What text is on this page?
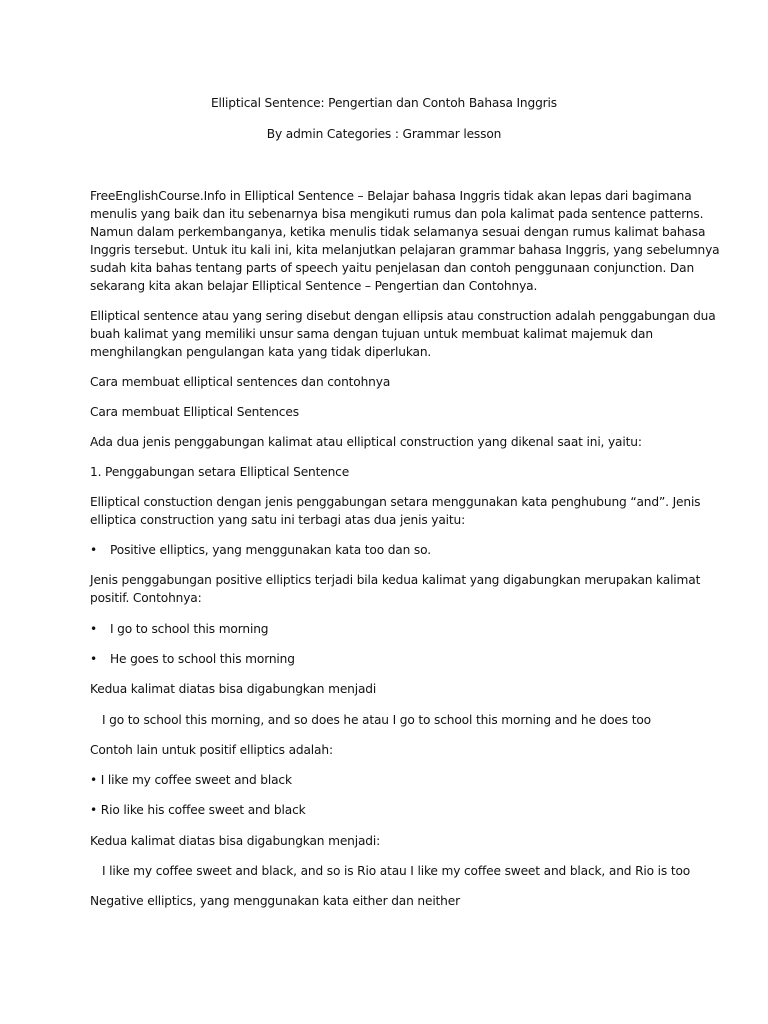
Elliptical Sentence: Pengertian dan Contoh Bahasa Inggris
By admin Categories : Grammar lesson
FreeEnglishCourse.Info in Elliptical Sentence – Belajar bahasa Inggris tidak akan lepas dari bagimana
menulis yang baik dan itu sebenarnya bisa mengikuti rumus dan pola kalimat pada sentence patterns.
Namun dalam perkembanganya, ketika menulis tidak selamanya sesuai dengan rumus kalimat bahasa
Inggris tersebut. Untuk itu kali ini, kita melanjutkan pelajaran grammar bahasa Inggris, yang sebelumnya
sudah kita bahas tentang parts of speech yaitu penjelasan dan contoh penggunaan conjunction. Dan
sekarang kita akan belajar Elliptical Sentence – Pengertian dan Contohnya.
Elliptical sentence atau yang sering disebut dengan ellipsis atau construction adalah penggabungan dua
buah kalimat yang memiliki unsur sama dengan tujuan untuk membuat kalimat majemuk dan
menghilangkan pengulangan kata yang tidak diperlukan.
Cara membuat elliptical sentences dan contohnya
Cara membuat Elliptical Sentences
Ada dua jenis penggabungan kalimat atau elliptical construction yang dikenal saat ini, yaitu:
1. Penggabungan setara Elliptical Sentence
Elliptical constuction dengan jenis penggabungan setara menggunakan kata penghubung “and”. Jenis
elliptica construction yang satu ini terbagi atas dua jenis yaitu:
• Positive elliptics, yang menggunakan kata too dan so.
Jenis penggabungan positive elliptics terjadi bila kedua kalimat yang digabungkan merupakan kalimat
positif. Contohnya:
• I go to school this morning
• He goes to school this morning
Kedua kalimat diatas bisa digabungkan menjadi
I go to school this morning, and so does he atau I go to school this morning and he does too
Contoh lain untuk positif elliptics adalah:
• I like my coffee sweet and black
• Rio like his coffee sweet and black
Kedua kalimat diatas bisa digabungkan menjadi:
I like my coffee sweet and black, and so is Rio atau I like my coffee sweet and black, and Rio is too
Negative elliptics, yang menggunakan kata either dan neither
